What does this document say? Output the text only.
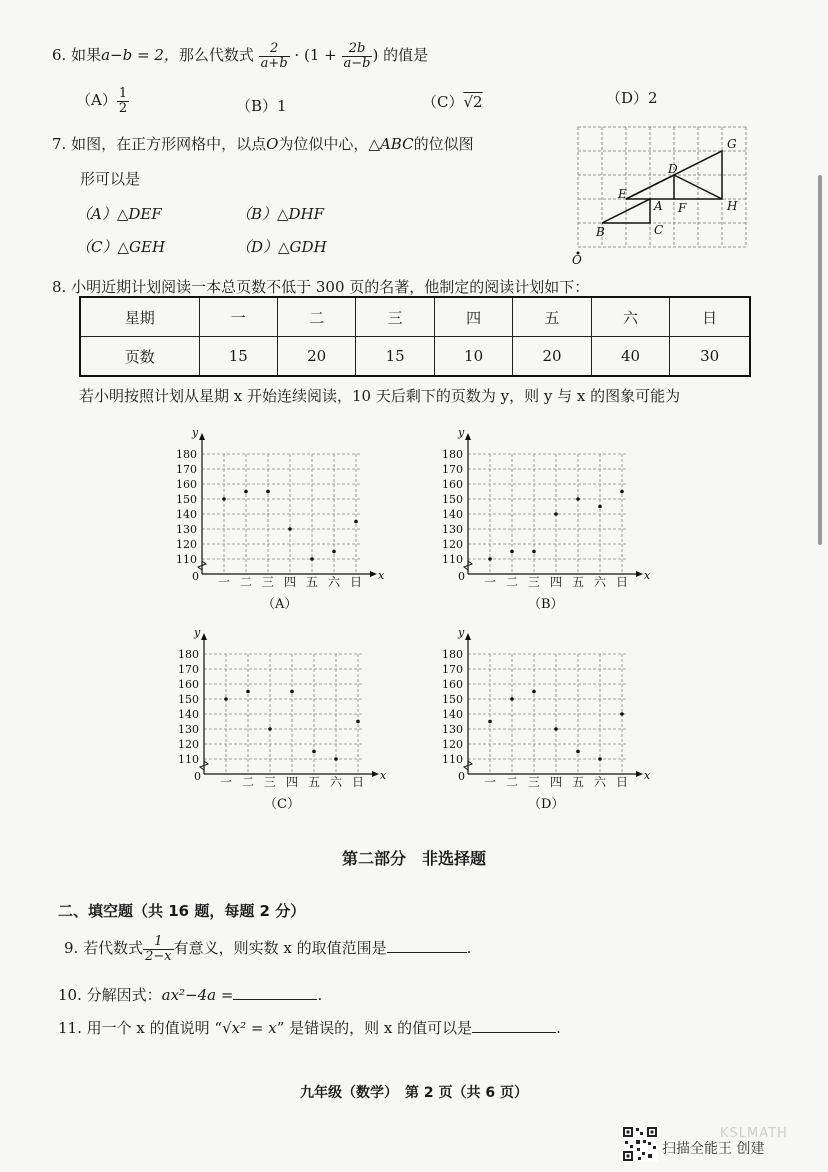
6. 如果a−b = 2，那么代数式 $\frac{2}{a+b} \cdot (1 + \frac{2b}{a-b}$ ) 的值是
$(A) \frac{1}{2}$	（B）1	（C）√2	（D）2
7. 如图，在正方形网格中，以点O为位似中心，△ABC的位似图
形可以是
（A）△DEF	（B）△DHF
（C）△GEH	（D）△GDH
G
D
E
A F	H
B	C
O
8. 小明近期计划阅读一本总页数不低于 300 页的名著，他制定的阅读计划如下：
星期	一	二	三	四	五	六	日
页数	15	20	15	10	20	40	30
若小明按照计划从星期 x 开始连续阅读，10 天后剩下的页数为 y，则 y 与 x 的图象可能为
y
x
0
110
120
130
140
150
160
170
180
一 二 三 四 五 六 日
（A）
y
x
0
110
120
130
140
150
160
170
180
一 二 三 四 五 六 日
（B）
y
x
0
110
120
130
140
150
160
170
180
一 二 三 四 五 六 日
（C）
y
x
0
110
120
130
140
150
160
170
180
一 二 三 四 五 六 日
（D）
第二部分　非选择题
二、填空题（共 16 题，每题 2 分）
9. 若代数式 $\frac{1}{2-x}$ 有意义，则实数 x 的取值范围是	.
10. 分解因式：ax²−4a =	.
11. 用一个 x 的值说明 “√x² = x” 是错误的，则 x 的值可以是	.
九年级（数学）　第 2 页（共 6 页）
扫描全能王 创建
KSLMATH
